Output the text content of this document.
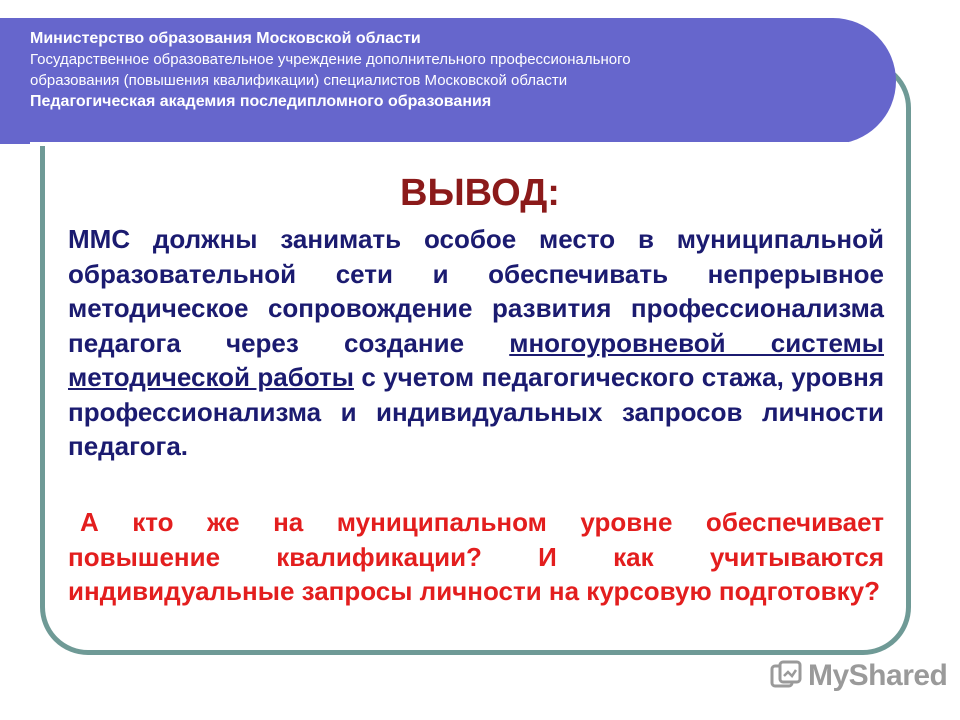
Министерство образования Московской области
Государственное образовательное учреждение дополнительного профессионального
образования (повышения квалификации) специалистов Московской области
Педагогическая академия последипломного образования
ВЫВОД:

ММС должны занимать особое место в муниципальной образовательной сети и обеспечивать непрерывное методическое сопровождение развития профессионализма педагога через создание многоуровневой системы методической работы с учетом педагогического стажа, уровня профессионализма и индивидуальных запросов личности педагога.

А кто же на муниципальном уровне обеспечивает повышение квалификации? И как учитываются индивидуальные запросы личности на курсовую подготовку?

MyShared
